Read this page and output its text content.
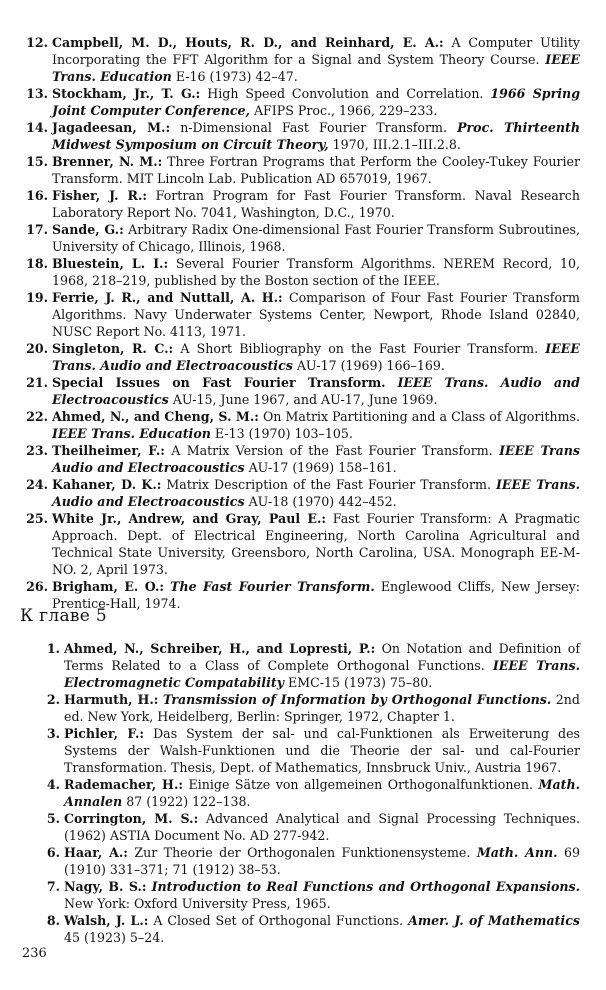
12. Campbell, M. D., Houts, R. D., and Reinhard, E. A.: A Computer Utility Incorporating the FFT Algorithm for a Signal and System Theory Course. IEEE Trans. Education E-16 (1973) 42–47.
13. Stockham, Jr., T. G.: High Speed Convolution and Correlation. 1966 Spring Joint Computer Conference, AFIPS Proc., 1966, 229–233.
14. Jagadeesan, M.: n-Dimensional Fast Fourier Transform. Proc. Thirteenth Midwest Symposium on Circuit Theory, 1970, III.2.1–III.2.8.
15. Brenner, N. M.: Three Fortran Programs that Perform the Cooley-Tukey Fourier Transform. MIT Lincoln Lab. Publication AD 657019, 1967.
16. Fisher, J. R.: Fortran Program for Fast Fourier Transform. Naval Research Laboratory Report No. 7041, Washington, D.C., 1970.
17. Sande, G.: Arbitrary Radix One-dimensional Fast Fourier Transform Subroutines, University of Chicago, Illinois, 1968.
18. Bluestein, L. I.: Several Fourier Transform Algorithms. NEREM Record, 10, 1968, 218–219, published by the Boston section of the IEEE.
19. Ferrie, J. R., and Nuttall, A. H.: Comparison of Four Fast Fourier Transform Algorithms. Navy Underwater Systems Center, Newport, Rhode Island 02840, NUSC Report No. 4113, 1971.
20. Singleton, R. C.: A Short Bibliography on the Fast Fourier Transform. IEEE Trans. Audio and Electroacoustics AU-17 (1969) 166–169.
21. Special Issues on Fast Fourier Transform. IEEE Trans. Audio and Electroacoustics AU-15, June 1967, and AU-17, June 1969.
22. Ahmed, N., and Cheng, S. M.: On Matrix Partitioning and a Class of Algorithms. IEEE Trans. Education E-13 (1970) 103–105.
23. Theilheimer, F.: A Matrix Version of the Fast Fourier Transform. IEEE Trans Audio and Electroacoustics AU-17 (1969) 158–161.
24. Kahaner, D. K.: Matrix Description of the Fast Fourier Transform. IEEE Trans. Audio and Electroacoustics AU-18 (1970) 442–452.
25. White Jr., Andrew, and Gray, Paul E.: Fast Fourier Transform: A Pragmatic Approach. Dept. of Electrical Engineering, North Carolina Agricultural and Technical State University, Greensboro, North Carolina, USA. Monograph EE-M-NO. 2, April 1973.
26. Brigham, E. O.: The Fast Fourier Transform. Englewood Cliffs, New Jersey: Prentice-Hall, 1974.
К главе 5
1. Ahmed, N., Schreiber, H., and Lopresti, P.: On Notation and Definition of Terms Related to a Class of Complete Orthogonal Functions. IEEE Trans. Electromagnetic Compatability EMC-15 (1973) 75–80.
2. Harmuth, H.: Transmission of Information by Orthogonal Functions. 2nd ed. New York, Heidelberg, Berlin: Springer, 1972, Chapter 1.
3. Pichler, F.: Das System der sal- und cal-Funktionen als Erweiterung des Systems der Walsh-Funktionen und die Theorie der sal- und cal-Fourier Transformation. Thesis, Dept. of Mathematics, Innsbruck Univ., Austria 1967.
4. Rademacher, H.: Einige Sätze von allgemeinen Orthogonalfunktionen. Math. Annalen 87 (1922) 122–138.
5. Corrington, M. S.: Advanced Analytical and Signal Processing Techniques. (1962) ASTIA Document No. AD 277-942.
6. Haar, A.: Zur Theorie der Orthogonalen Funktionensysteme. Math. Ann. 69 (1910) 331–371; 71 (1912) 38–53.
7. Nagy, B. S.: Introduction to Real Functions and Orthogonal Expansions. New York: Oxford University Press, 1965.
8. Walsh, J. L.: A Closed Set of Orthogonal Functions. Amer. J. of Mathematics 45 (1923) 5–24.
236
